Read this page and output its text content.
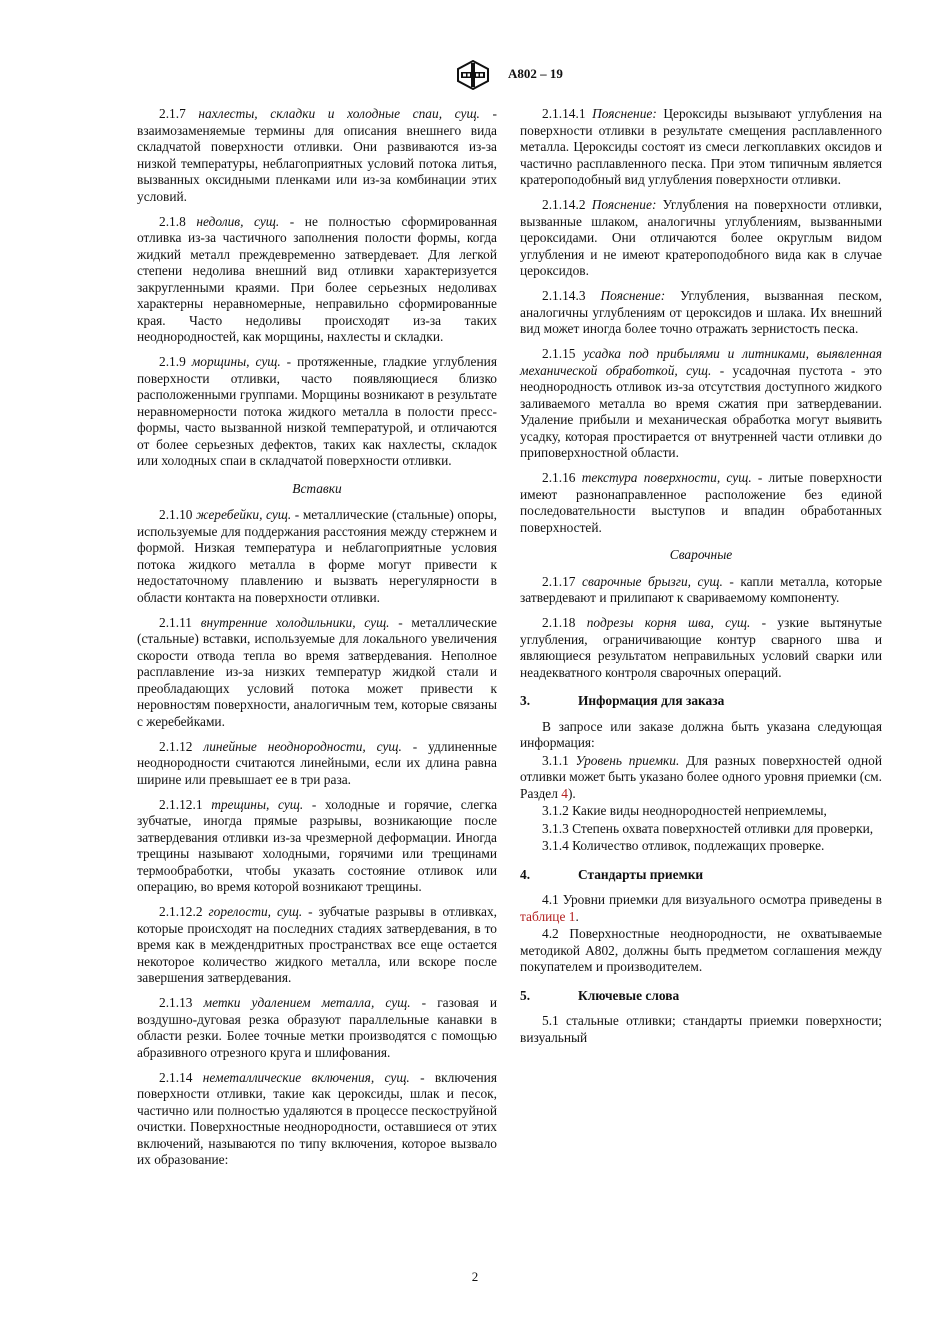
A802 – 19

2.1.7 нахлесты, складки и холодные спаи, сущ. - взаимозаменяемые термины для описания внешнего вида складчатой поверхности отливки. Они развиваются из-за низкой температуры, неблагоприятных условий потока литья, вызванных оксидными пленками или из-за комбинации этих условий.

2.1.8 недолив, сущ. - не полностью сформированная отливка из-за частичного заполнения полости формы, когда жидкий металл преждевременно затвердевает. Для легкой степени недолива внешний вид отливки характеризуется закругленными краями. При более серьезных недоливах характерны неравномерные, неправильно сформированные края. Часто недоливы происходят из-за таких неоднородностей, как морщины, нахлесты и складки.

2.1.9 морщины, сущ. - протяженные, гладкие углубления поверхности отливки, часто появляющиеся близко расположенными группами. Морщины возникают в результате неравномерности потока жидкого металла в полости пресс-формы, часто вызванной низкой температурой, и отличаются от более серьезных дефектов, таких как нахлесты, складок или холодных спаи в складчатой поверхности отливки.

Вставки

2.1.10 жеребейки, сущ. - металлические (стальные) опоры, используемые для поддержания расстояния между стержнем и формой. Низкая температура и неблагоприятные условия потока жидкого металла в форме могут привести к недостаточному плавлению и вызвать нерегулярности в области контакта на поверхности отливки.

2.1.11 внутренние холодильники, сущ. - металлические (стальные) вставки, используемые для локального увеличения скорости отвода тепла во время затвердевания. Неполное расплавление из-за низких температур жидкой стали и преобладающих условий потока может привести к неровностям поверхности, аналогичным тем, которые связаны с жеребейками.

2.1.12 линейные неоднородности, сущ. - удлиненные неоднородности считаются линейными, если их длина равна ширине или превышает ее в три раза.

2.1.12.1 трещины, сущ. - холодные и горячие, слегка зубчатые, иногда прямые разрывы, возникающие после затвердевания отливки из-за чрезмерной деформации. Иногда трещины называют холодными, горячими или трещинами термообработки, чтобы указать состояние отливок или операцию, во время которой возникают трещины.

2.1.12.2 горелости, сущ. - зубчатые разрывы в отливках, которые происходят на последних стадиях затвердевания, в то время как в междендритных пространствах все еще остается некоторое количество жидкого металла, или вскоре после завершения затвердевания.

2.1.13 метки удалением металла, сущ. - газовая и воздушно-дуговая резка образуют параллельные канавки в области резки. Более точные метки производятся с помощью абразивного отрезного круга и шлифования.

2.1.14 неметаллические включения, сущ. - включения поверхности отливки, такие как цероксиды, шлак и песок, частично или полностью удаляются в процессе пескоструйной очистки. Поверхностные неоднородности, оставшиеся от этих включений, называются по типу включения, которое вызвало их образование:

2.1.14.1 Пояснение: Цероксиды вызывают углубления на поверхности отливки в результате смещения расплавленного металла. Цероксиды состоят из смеси легкоплавких оксидов и частично расплавленного песка. При этом типичным является кратероподобный вид углубления поверхности отливки.

2.1.14.2 Пояснение: Углубления на поверхности отливки, вызванные шлаком, аналогичны углублениям, вызванными цероксидами. Они отличаются более округлым видом углубления и не имеют кратероподобного вида как в случае цероксидов.

2.1.14.3 Пояснение: Углубления, вызванная песком, аналогичны углублениям от цероксидов и шлака. Их внешний вид может иногда более точно отражать зернистость песка.

2.1.15 усадка под прибылями и литниками, выявленная механической обработкой, сущ. - усадочная пустота - это неоднородность отливок из-за отсутствия доступного жидкого заливаемого металла во время сжатия при затвердевании. Удаление прибыли и механическая обработка могут выявить усадку, которая простирается от внутренней части отливки до приповерхностной области.

2.1.16 текстура поверхности, сущ. - литые поверхности имеют разнонаправленное расположение без единой последовательности выступов и впадин обработанных поверхностей.

Сварочные

2.1.17 сварочные брызги, сущ. - капли металла, которые затвердевают и прилипают к свариваемому компоненту.

2.1.18 подрезы корня шва, сущ. - узкие вытянутые углубления, ограничивающие контур сварного шва и являющиеся результатом неправильных условий сварки или неадекватного контроля сварочных операций.

3.	Информация для заказа

В запросе или заказе должна быть указана следующая информация:

3.1.1 Уровень приемки. Для разных поверхностей одной отливки может быть указано более одного уровня приемки (см. Раздел 4).

3.1.2 Какие виды неоднородностей неприемлемы,

3.1.3 Степень охвата поверхностей отливки для проверки,

3.1.4 Количество отливок, подлежащих проверке.

4.	Стандарты приемки

4.1 Уровни приемки для визуального осмотра приведены в таблице 1.

4.2 Поверхностные неоднородности, не охватываемые методикой A802, должны быть предметом соглашения между покупателем и производителем.

5.	Ключевые слова

5.1 стальные отливки; стандарты приемки поверхности; визуальный

2
